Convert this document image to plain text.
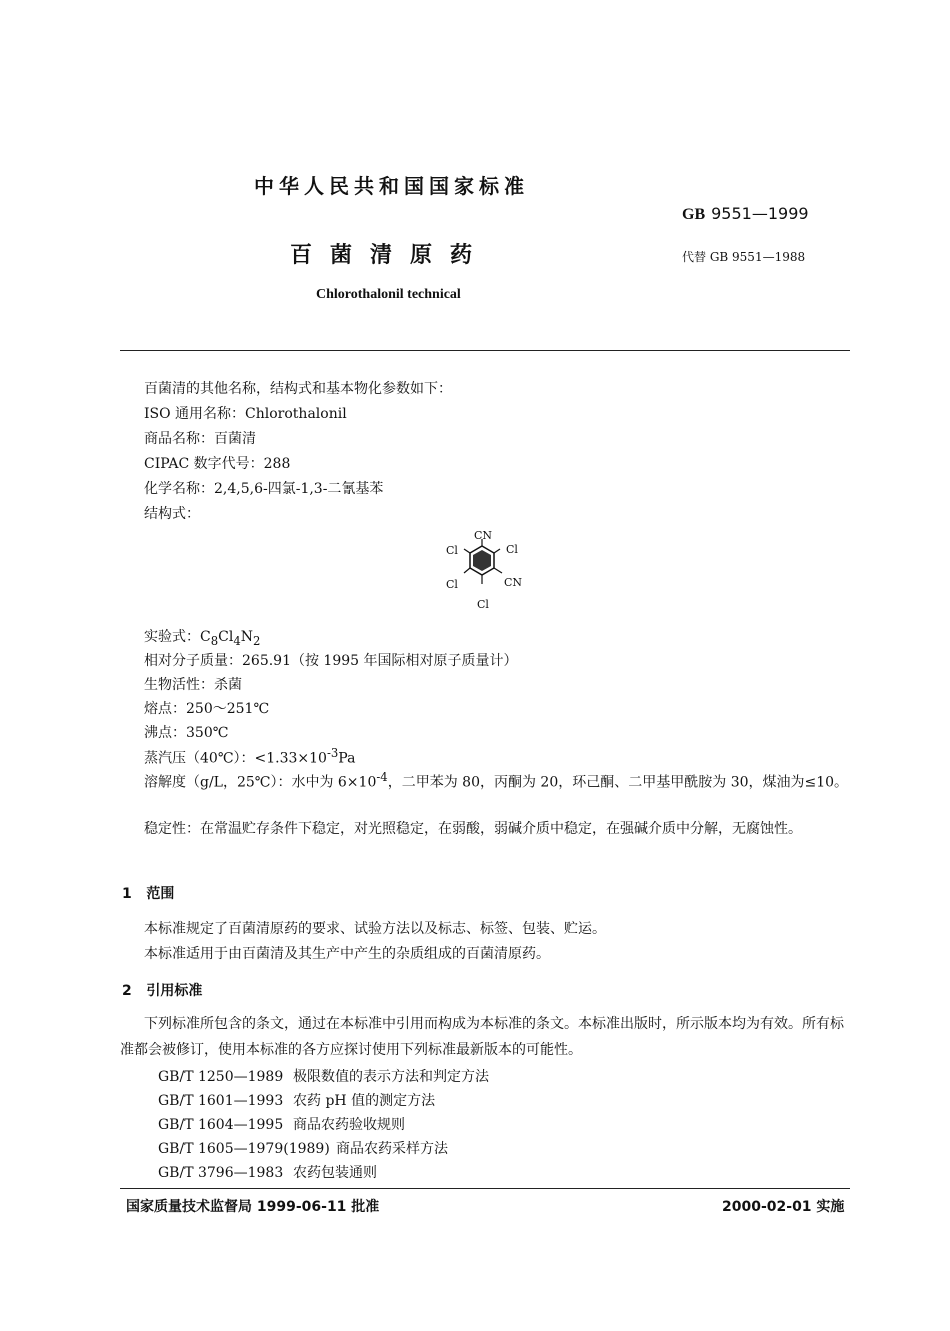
中华人民共和国国家标准
GB 9551—1999
百菌清原药	代替 GB 9551—1988
Chlorothalonil technical
百菌清的其他名称，结构式和基本物化参数如下：
ISO 通用名称：Chlorothalonil
商品名称：百菌清
CIPAC 数字代号：288
化学名称：2,4,5,6-四氯-1,3-二氰基苯
结构式：
CN
Cl	Cl
Cl	CN
Cl
实验式：$C_8Cl_4N_2$
相对分子质量：265.91（按 1995 年国际相对原子质量计）
生物活性：杀菌
熔点：250～251℃
沸点：350℃
蒸汽压（40℃）：$<1.33\times 10^{-3}Pa$
溶解度（g/L，25℃）：水中为 $6\times 10^{-4}$，二甲苯为 80，丙酮为 20，环己酮、二甲基甲酰胺为 30，煤油为≤10。
稳定性：在常温贮存条件下稳定，对光照稳定，在弱酸，弱碱介质中稳定，在强碱介质中分解，无腐蚀性。
1 范围
本标准规定了百菌清原药的要求、试验方法以及标志、标签、包装、贮运。
本标准适用于由百菌清及其生产中产生的杂质组成的百菌清原药。
2 引用标准
下列标准所包含的条文，通过在本标准中引用而构成为本标准的条文。本标准出版时，所示版本均为有效。所有标准都会被修订，使用本标准的各方应探讨使用下列标准最新版本的可能性。
GB/T 1250—1989 极限数值的表示方法和判定方法
GB/T 1601—1993 农药 pH 值的测定方法
GB/T 1604—1995 商品农药验收规则
GB/T 1605—1979(1989) 商品农药采样方法
GB/T 3796—1983 农药包装通则
国家质量技术监督局 1999-06-11 批准	2000-02-01 实施
